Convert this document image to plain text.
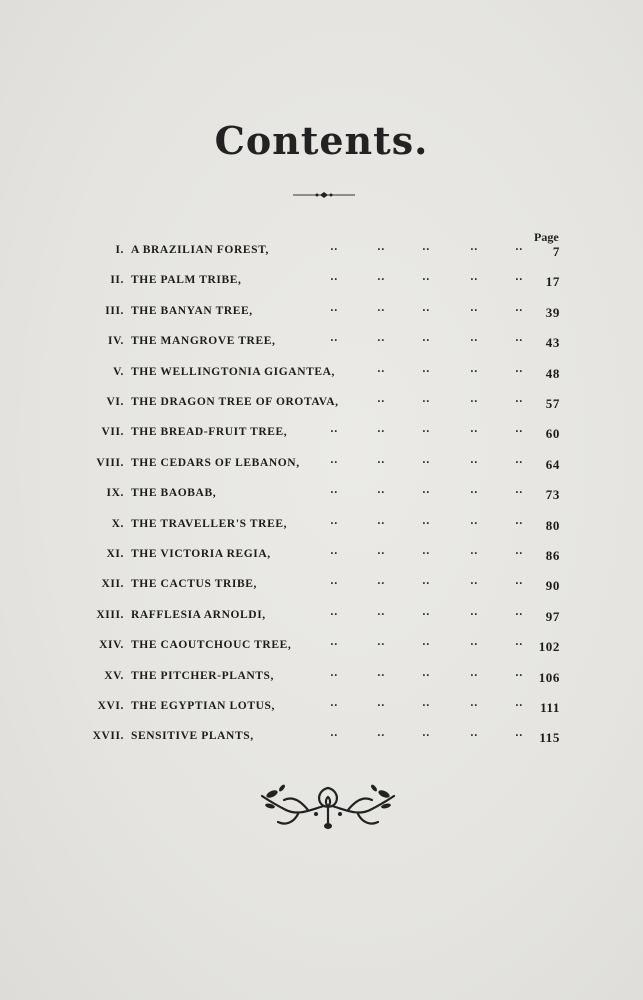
Contents.
Page
I. A BRAZILIAN FOREST,	··	··	··	··	·· 7
II. THE PALM TRIBE,	··	··	··	··	·· 17
III. THE BANYAN TREE,	··	··	··	··	·· 39
IV. THE MANGROVE TREE,	··	··	··	··	·· 43
V. THE WELLINGTONIA GIGANTEA,	··	··	··	·· 48
VI. THE DRAGON TREE OF OROTAVA,	··	··	··	·· 57
VII. THE BREAD-FRUIT TREE,	··	··	··	··	·· 60
VIII. THE CEDARS OF LEBANON,	··	··	··	··	·· 64
IX. THE BAOBAB,	··	··	··	··	·· 73
X. THE TRAVELLER'S TREE,	··	··	··	··	·· 80
XI. THE VICTORIA REGIA,	··	··	··	··	·· 86
XII. THE CACTUS TRIBE,	··	··	··	··	·· 90
XIII. RAFFLESIA ARNOLDI,	··	··	··	··	·· 97
XIV. THE CAOUTCHOUC TREE,	··	··	··	··	·· 102
XV. THE PITCHER-PLANTS,	··	··	··	··	·· 106
XVI. THE EGYPTIAN LOTUS,	··	··	··	··	·· 111
XVII. SENSITIVE PLANTS,	··	··	··	··	·· 115
